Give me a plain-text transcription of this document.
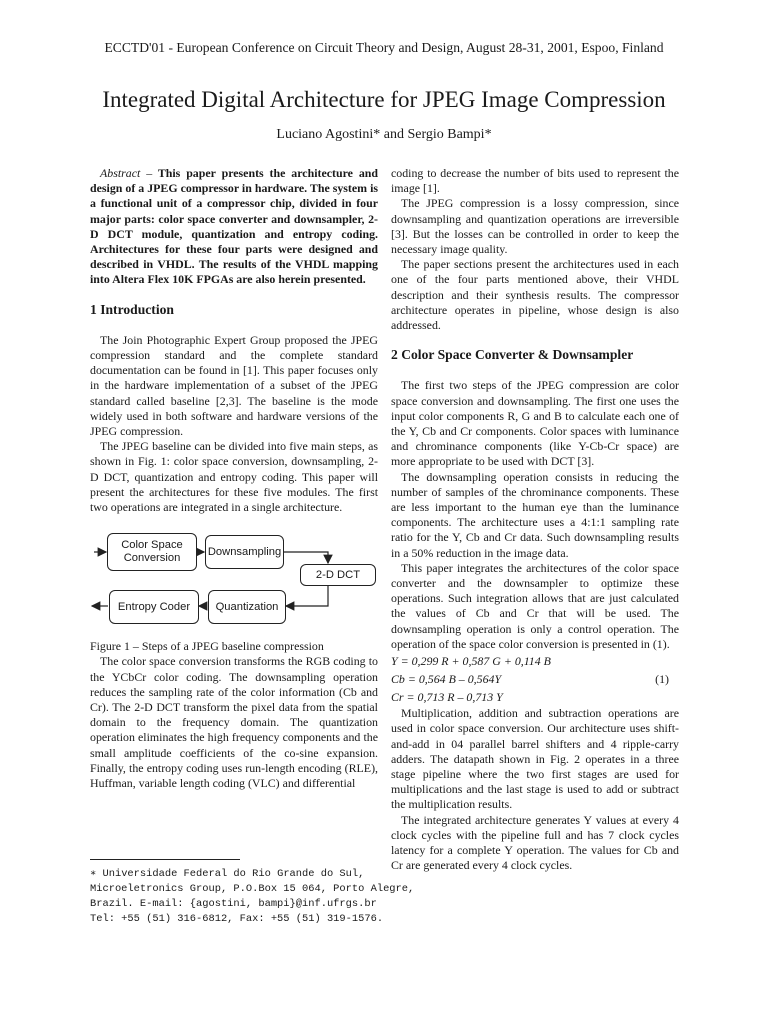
ECCTD'01 - European Conference on Circuit Theory and Design, August 28-31, 2001, Espoo, Finland
Integrated Digital Architecture for JPEG Image Compression
Luciano Agostini* and Sergio Bampi*

Abstract – This paper presents the architecture and design of a JPEG compressor in hardware. The system is a functional unit of a compressor chip, divided in four major parts: color space converter and downsampler, 2-D DCT module, quantization and entropy coding. Architectures for these four parts were designed and described in VHDL. The results of the VHDL mapping into Altera Flex 10K FPGAs are also herein presented.

1 Introduction

The Join Photographic Expert Group proposed the JPEG compression standard and the complete standard documentation can be found in [1]. This paper focuses only in the hardware implementation of a subset of the JPEG standard called baseline [2,3]. The baseline is the mode widely used in both software and hardware versions of the JPEG compression.

The JPEG baseline can be divided into five main steps, as shown in Fig. 1: color space conversion, downsampling, 2-D DCT, quantization and entropy coding. This paper will present the architectures for these five modules. The first two operations are integrated in a single architecture.

Color Space Conversion
Downsampling
2-D DCT
Quantization
Entropy Coder

Figure 1 – Steps of a JPEG baseline compression

The color space conversion transforms the RGB coding to the YCbCr color coding. The downsampling operation reduces the sampling rate of the color information (Cb and Cr). The 2-D DCT transform the pixel data from the spatial domain to the frequency domain. The quantization operation eliminates the high frequency components and the small amplitude coefficients of the co-sine expansion. Finally, the entropy coding uses run-length encoding (RLE), Huffman, variable length coding (VLC) and differential

coding to decrease the number of bits used to represent the image [1].

The JPEG compression is a lossy compression, since downsampling and quantization operations are irreversible [3]. But the losses can be controlled in order to keep the necessary image quality.

The paper sections present the architectures used in each one of the four parts mentioned above, their VHDL description and their synthesis results. The compressor architecture operates in pipeline, whose design is also addressed.

2 Color Space Converter & Downsampler

The first two steps of the JPEG compression are color space conversion and downsampling. The first one uses the input color components R, G and B to calculate each one of the Y, Cb and Cr components. Color spaces with luminance and chrominance components (like Y-Cb-Cr space) are more appropriate to be used with DCT [3].

The downsampling operation consists in reducing the number of samples of the chrominance components. These are less important to the human eye than the luminance components. The architecture uses a 4:1:1 sampling rate ratio for the Y, Cb and Cr data. Such downsampling results in a 50% reduction in the image data.

This paper integrates the architectures of the color space converter and the downsampler to optimize these operations. Such integration allows that are just calculated the values of Cb and Cr that will be used. The downsampling operation is only a control operation. The operation of the space color conversion is presented in (1).

Y = 0,299 R + 0,587 G + 0,114 B
Cb = 0,564 B – 0,564Y	(1)
Cr = 0,713 R – 0,713 Y

Multiplication, addition and subtraction operations are used in color space conversion. Our architecture uses shift-and-add in 04 parallel barrel shifters and 4 ripple-carry adders. The datapath shown in Fig. 2 operates in a three stage pipeline where the two first stages are used for multiplications and the last stage is used to add or subtract the multiplication results.

The integrated architecture generates Y values at every 4 clock cycles with the pipeline full and has 7 clock cycles latency for a complete Y operation. The values for Cb and Cr are generated every 4 clock cycles.

∗ Universidade Federal do Rio Grande do Sul,
Microeletronics Group, P.O.Box 15 064, Porto Alegre,
Brazil. E-mail: {agostini, bampi}@inf.ufrgs.br
Tel: +55 (51) 316-6812, Fax: +55 (51) 319-1576.
